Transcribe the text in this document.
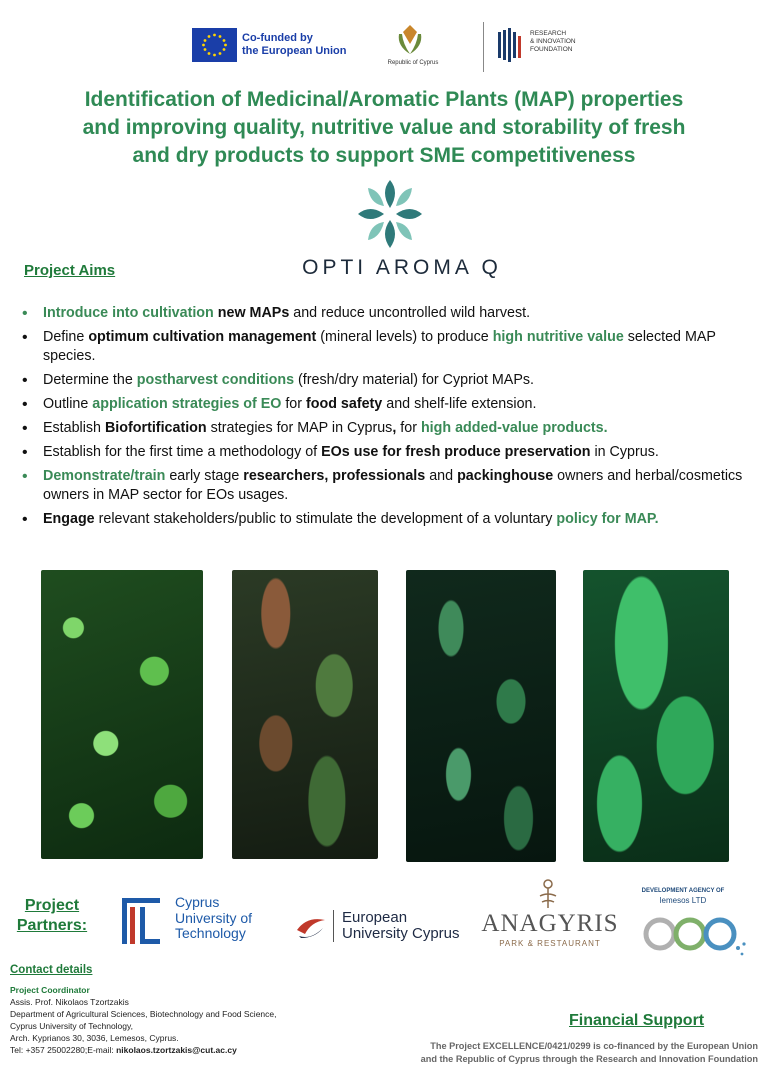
Co-funded by
the European Union
Republic of Cyprus
RESEARCH
& INNOVATION
FOUNDATION
Identification of Medicinal/Aromatic Plants (MAP) properties
and improving quality, nutritive value and storability of fresh
and dry products to support SME competitiveness
OPTI AROMA Q
Project Aims
• Introduce into cultivation new MAPs and reduce uncontrolled wild harvest.
• Define optimum cultivation management (mineral levels) to produce high nutritive value selected MAP species.
• Determine the postharvest conditions (fresh/dry material) for Cypriot MAPs.
• Outline application strategies of EO for food safety and shelf-life extension.
• Establish Biofortification strategies for MAP in Cyprus, for high added-value products.
• Establish for the first time a methodology of EOs use for fresh produce preservation in Cyprus.
• Demonstrate/train early stage researchers, professionals and packinghouse owners and herbal/cosmetics owners in MAP sector for EOs usages.
• Engage relevant stakeholders/public to stimulate the development of a voluntary policy for MAP.
Project
Partners:
Cyprus
University of
Technology
European
University Cyprus ANAGYRIS
PARK & RESTAURANT
DEVELOPMENT AGENCY OF
lemesos LTD
Contact details
Project Coordinator
Assis. Prof. Nikolaos Tzortzakis
Department of Agricultural Sciences, Biotechnology and Food Science,
Cyprus University of Technology,
Arch. Kyprianos 30, 3036, Lemesos, Cyprus.
Tel: +357 25002280;E-mail: nikolaos.tzortzakis@cut.ac.cy
Financial Support
The Project EXCELLENCE/0421/0299 is co-financed by the European Union
and the Republic of Cyprus through the Research and Innovation Foundation
